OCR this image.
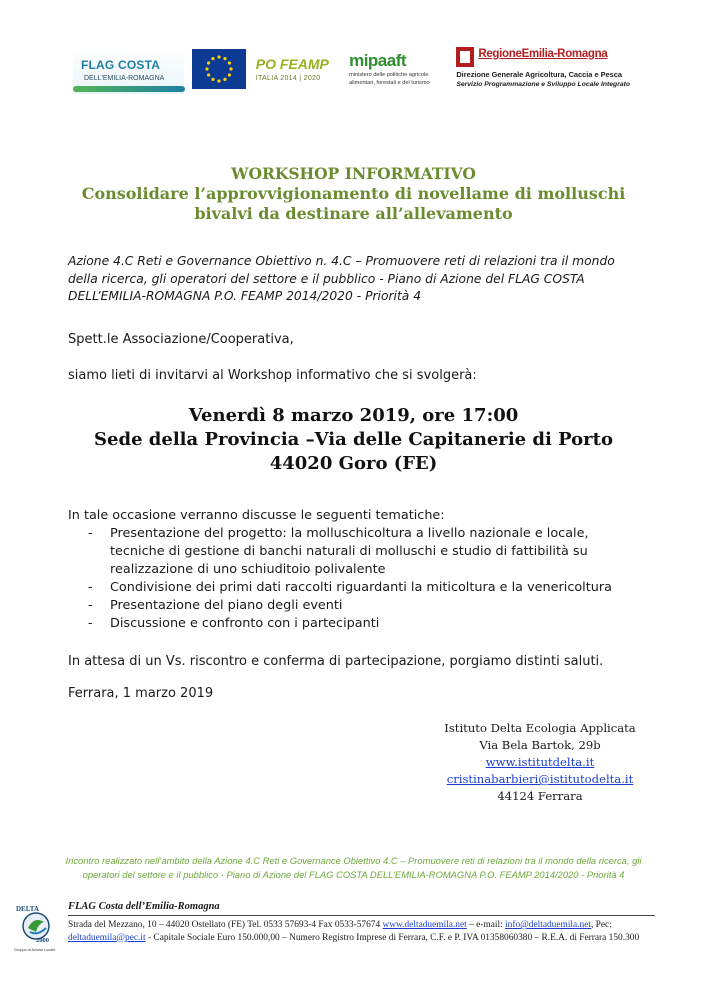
FLAG COSTA
DELL'EMILIA-ROMAGNA
PO FEAMP
ITALIA 2014 | 2020
mipaaft
ministero delle politiche agricole
alimentari, forestali e del turismo
RegioneEmilia-Romagna
Direzione Generale Agricoltura, Caccia e Pesca
Servizio Programmazione e Sviluppo Locale Integrato
WORKSHOP INFORMATIVO
Consolidare l’approvvigionamento di novellame di molluschi
bivalvi da destinare all’allevamento
Azione 4.C Reti e Governance Obiettivo n. 4.C – Promuovere reti di relazioni tra il mondo
della ricerca, gli operatori del settore e il pubblico - Piano di Azione del FLAG COSTA
DELL’EMILIA-ROMAGNA P.O. FEAMP 2014/2020 - Priorità 4
Spett.le Associazione/Cooperativa,
siamo lieti di invitarvi al Workshop informativo che si svolgerà:
Venerdì 8 marzo 2019, ore 17:00
Sede della Provincia –Via delle Capitanerie di Porto
44020 Goro (FE)
In tale occasione verranno discusse le seguenti tematiche:
- Presentazione del progetto: la molluschicoltura a livello nazionale e locale,
tecniche di gestione di banchi naturali di molluschi e studio di fattibilità su
realizzazione di uno schiuditoio polivalente
- Condivisione dei primi dati raccolti riguardanti la miticoltura e la venericoltura
- Presentazione del piano degli eventi
- Discussione e confronto con i partecipanti
In attesa di un Vs. riscontro e conferma di partecipazione, porgiamo distinti saluti.
Ferrara, 1 marzo 2019
Istituto Delta Ecologia Applicata
Via Bela Bartok, 29b
www.istitutdelta.it
cristinabarbieri@istitutodelta.it
44124 Ferrara
Incontro realizzato nell’ambito della Azione 4.C Reti e Governance Obiettivo 4.C – Promuovere reti di relazioni tra il mondo della ricerca, gli
operatori del settore e il pubblico - Piano di Azione del FLAG COSTA DELL’EMILIA-ROMAGNA P.O. FEAMP 2014/2020 - Priorità 4
DELTA
2000
Gruppo di Azione Locale
FLAG Costa dell’Emilia-Romagna
Strada del Mezzano, 10 – 44020 Ostellato (FE) Tel. 0533 57693-4 Fax 0533-57674 www.deltaduemila.net – e-mail: info@deltaduemila.net, Pec:
deltaduemila@pec.it - Capitale Sociale Euro 150.000,00 – Numero Registro Imprese di Ferrara, C.F. e P. IVA 01358060380 – R.E.A. di Ferrara 150.300
